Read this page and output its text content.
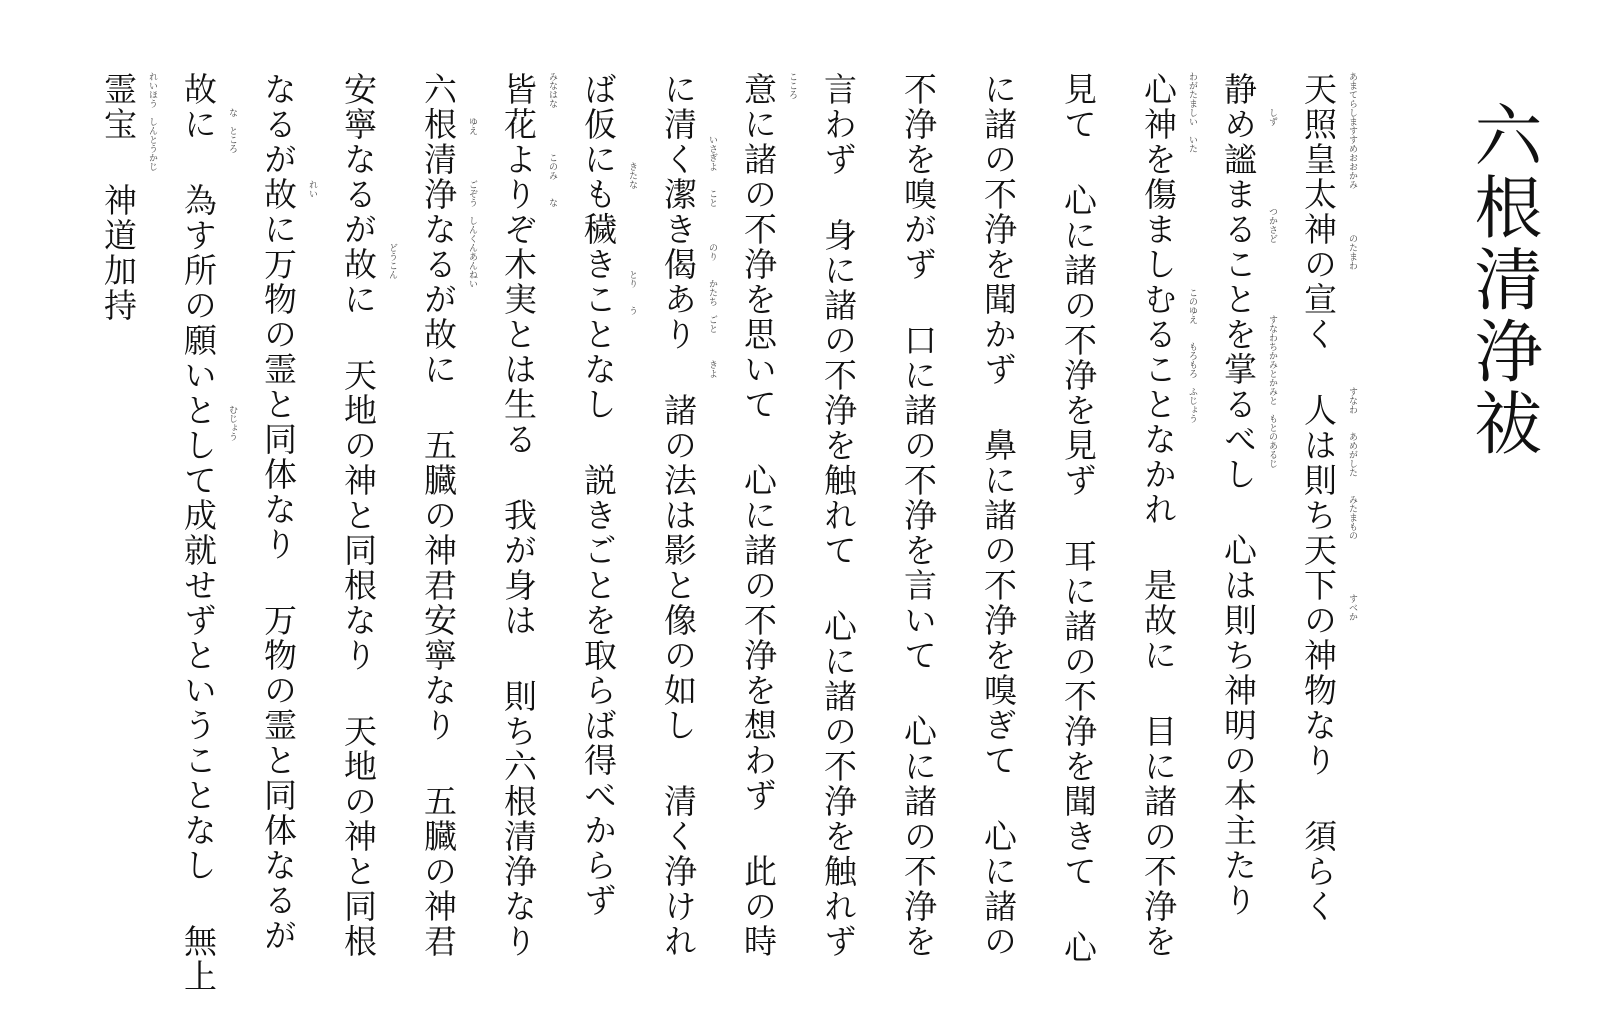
六根清浄祓
天照皇太神の宣く 人は則ち天下の神物なり 須らく
静め謐まることを掌るべし 心は則ち神明の本主たり
心神を傷ましむることなかれ 是故に 目に諸の不浄を
見て 心に諸の不浄を見ず 耳に諸の不浄を聞きて 心
に諸の不浄を聞かず 鼻に諸の不浄を嗅ぎて 心に諸の
不浄を嗅がず 口に諸の不浄を言いて 心に諸の不浄を
言わず 身に諸の不浄を触れて 心に諸の不浄を触れず
意に諸の不浄を思いて 心に諸の不浄を想わず 此の時
に清く潔き偈あり 諸の法は影と像の如し 清く浄けれ
ば仮にも穢きことなし 説きごとを取らば得べからず
皆花よりぞ木実とは生る 我が身は 則ち六根清浄なり
六根清浄なるが故に 五臓の神君安寧なり 五臓の神君
安寧なるが故に 天地の神と同根なり 天地の神と同根
なるが故に万物の霊と同体なり 万物の霊と同体なるが
故に 為す所の願いとして成就せずということなし 無上
霊宝 神道加持	あまてらしますすめおおかみ　　　　　のたまわ　　　　　　　　　　　　　すなわ　　あめがした　　みたまもの　　　　　　すべか
　　　　しず　　　　　　　　　つかさど　　　　　　　　すなわちかみとかみと　もとのあるじ
わがたましい　いた　　　　　　　　　　　　　　　このゆえ　　もろもろ　ふじょう
こころ
　　　　　　　いさぎよ　　こと　　　　のり　　かたち　ごと　　　きよ
　　　　　　　　　　きたな　　　　　　　　　とり　　う
みなはな　　　　　このみ　　な
　　　　　ゆえ　　　　　ごぞう　しんくんあんねい
　　　　　　　　　　　　　　　　　　　どうこん
　　　　　　　　　　　　れい
　　　　な　ところ　　　　　　　　　　　　　　　　　　　　　　　　　　　　むじょう
れいほう　しんとうかじ
